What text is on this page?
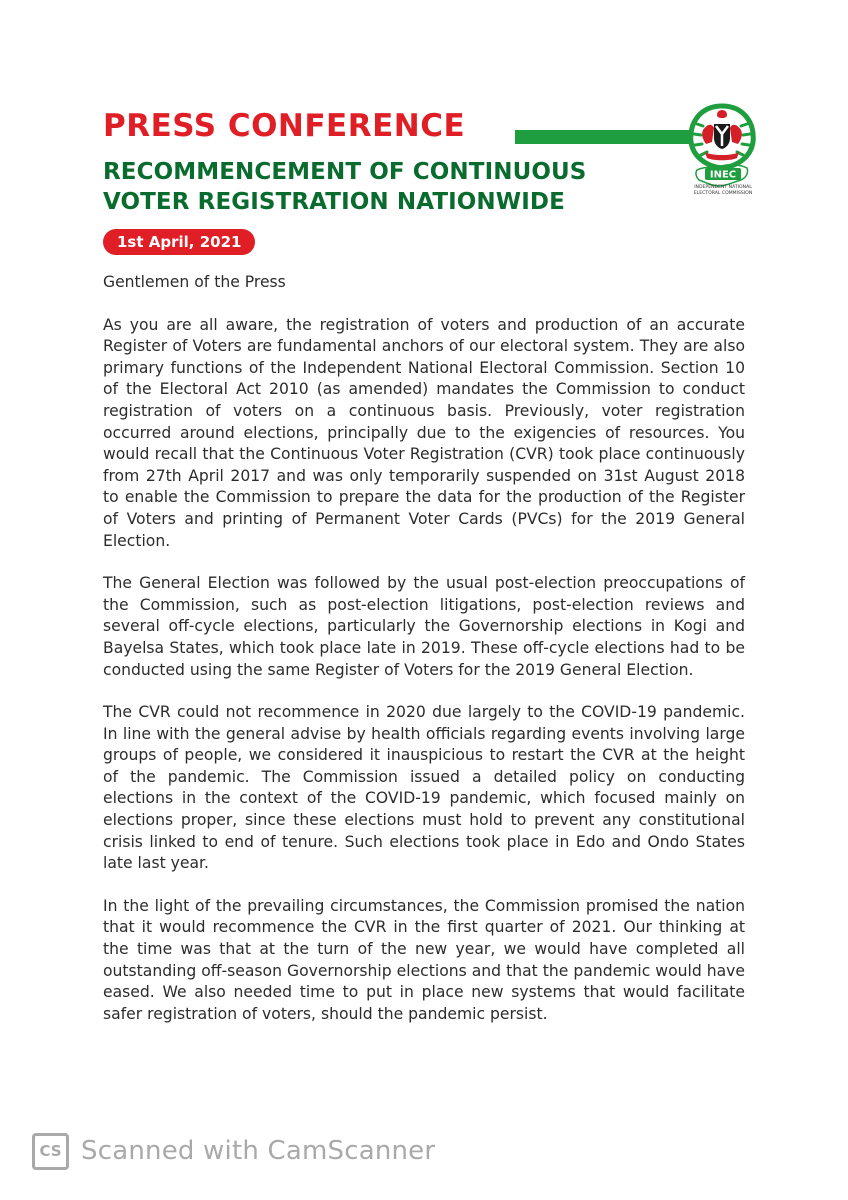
PRESS CONFERENCE
RECOMMENCEMENT OF CONTINUOUS
VOTER REGISTRATION NATIONWIDE
1st April, 2021
INEC
INDEPENDENT NATIONAL
ELECTORAL COMMISSION

Gentlemen of the Press

As you are all aware, the registration of voters and production of an accurate Register of Voters are fundamental anchors of our electoral system. They are also primary functions of the Independent National Electoral Commission. Section 10 of the Electoral Act 2010 (as amended) mandates the Commission to conduct registration of voters on a continuous basis. Previously, voter registration occurred around elections, principally due to the exigencies of resources. You would recall that the Continuous Voter Registration (CVR) took place continuously from 27th April 2017 and was only temporarily suspended on 31st August 2018 to enable the Commission to prepare the data for the production of the Register of Voters and printing of Permanent Voter Cards (PVCs) for the 2019 General Election.

The General Election was followed by the usual post-election preoccupations of the Commission, such as post-election litigations, post-election reviews and several off-cycle elections, particularly the Governorship elections in Kogi and Bayelsa States, which took place late in 2019. These off-cycle elections had to be conducted using the same Register of Voters for the 2019 General Election.

The CVR could not recommence in 2020 due largely to the COVID-19 pandemic. In line with the general advise by health officials regarding events involving large groups of people, we considered it inauspicious to restart the CVR at the height of the pandemic. The Commission issued a detailed policy on conducting elections in the context of the COVID-19 pandemic, which focused mainly on elections proper, since these elections must hold to prevent any constitutional crisis linked to end of tenure. Such elections took place in Edo and Ondo States late last year.

In the light of the prevailing circumstances, the Commission promised the nation that it would recommence the CVR in the first quarter of 2021. Our thinking at the time was that at the turn of the new year, we would have completed all outstanding off-season Governorship elections and that the pandemic would have eased. We also needed time to put in place new systems that would facilitate safer registration of voters, should the pandemic persist.

CS Scanned with CamScanner
